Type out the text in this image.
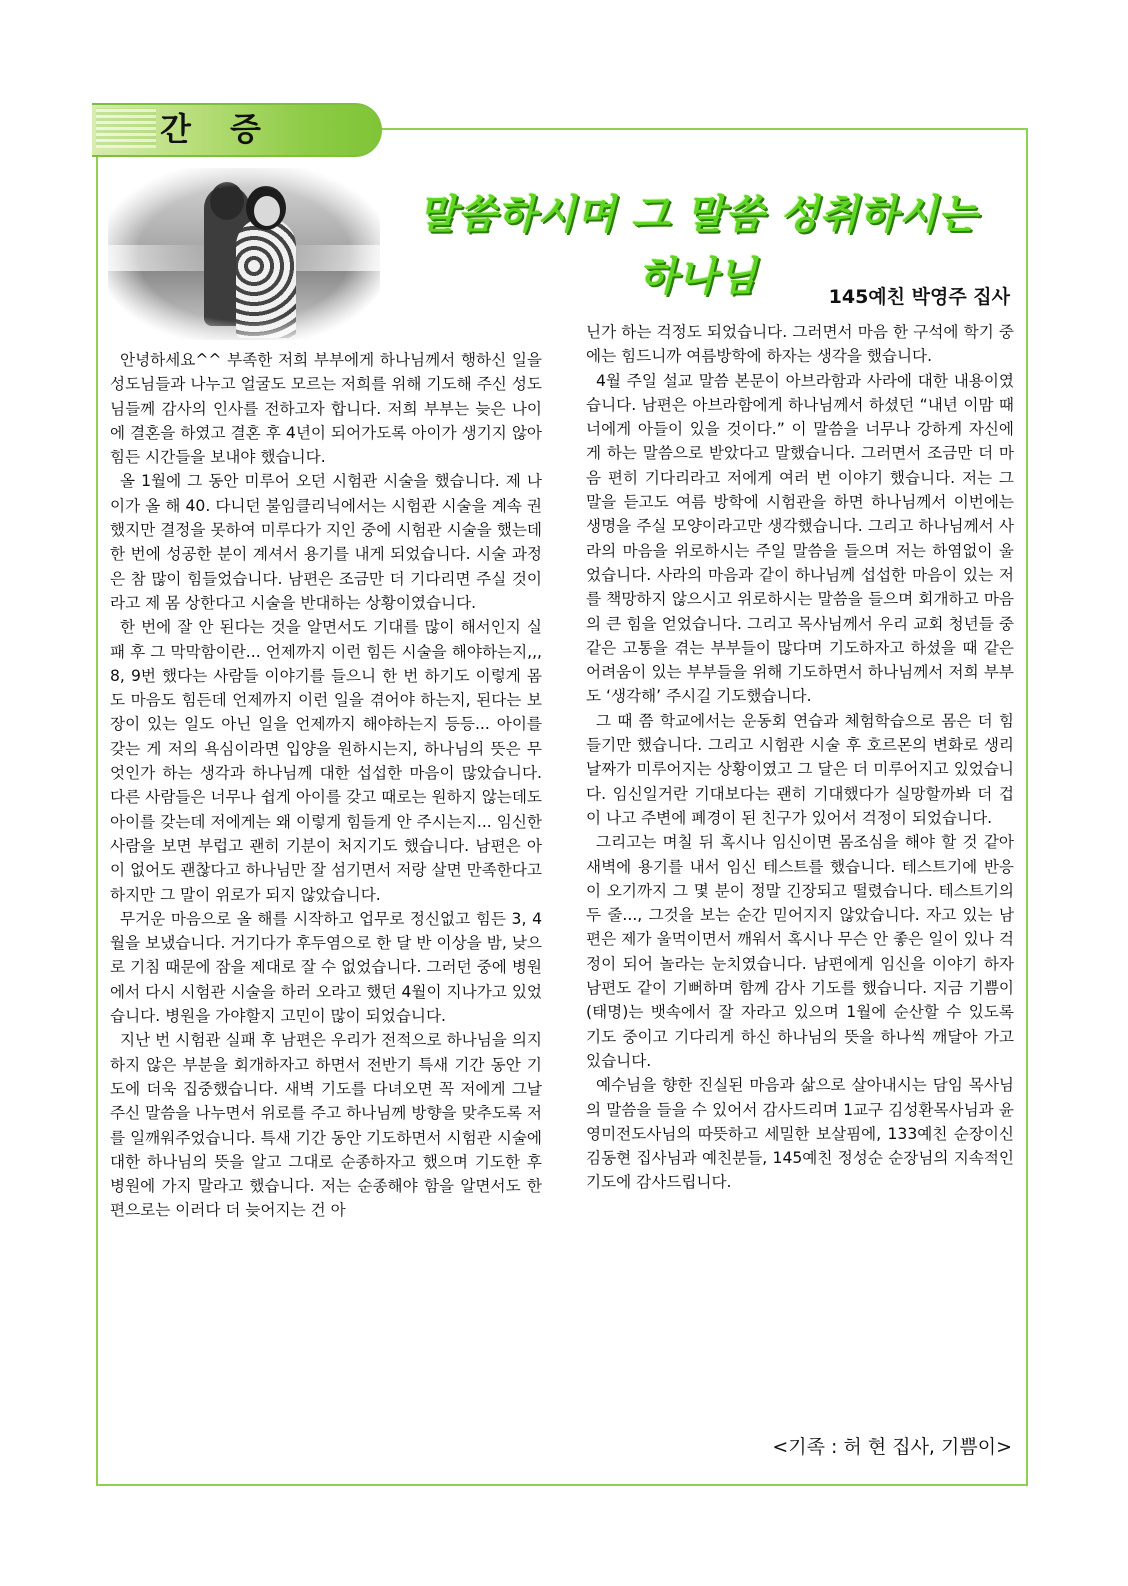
간 증
말씀하시며 그 말씀 성취하시는 하나님	145예친 박영주 집사

안녕하세요^^ 부족한 저희 부부에게 하나님께서 행하신 일을 성도님들과 나누고 얼굴도 모르는 저희를 위해 기도해 주신 성도님들께 감사의 인사를 전하고자 합니다. 저희 부부는 늦은 나이에 결혼을 하였고 결혼 후 4년이 되어가도록 아이가 생기지 않아 힘든 시간들을 보내야 했습니다.

올 1월에 그 동안 미루어 오던 시험관 시술을 했습니다. 제 나이가 올 해 40. 다니던 불임클리닉에서는 시험관 시술을 계속 권했지만 결정을 못하여 미루다가 지인 중에 시험관 시술을 했는데 한 번에 성공한 분이 계셔서 용기를 내게 되었습니다. 시술 과정은 참 많이 힘들었습니다. 남편은 조금만 더 기다리면 주실 것이라고 제 몸 상한다고 시술을 반대하는 상황이였습니다.

한 번에 잘 안 된다는 것을 알면서도 기대를 많이 해서인지 실패 후 그 막막함이란... 언제까지 이런 힘든 시술을 해야하는지,,, 8, 9번 했다는 사람들 이야기를 들으니 한 번 하기도 이렇게 몸도 마음도 힘든데 언제까지 이런 일을 겪어야 하는지, 된다는 보장이 있는 일도 아닌 일을 언제까지 해야하는지 등등... 아이를 갖는 게 저의 욕심이라면 입양을 원하시는지, 하나님의 뜻은 무엇인가 하는 생각과 하나님께 대한 섭섭한 마음이 많았습니다. 다른 사람들은 너무나 쉽게 아이를 갖고 때로는 원하지 않는데도 아이를 갖는데 저에게는 왜 이렇게 힘들게 안 주시는지... 임신한 사람을 보면 부럽고 괜히 기분이 처지기도 했습니다. 남편은 아이 없어도 괜찮다고 하나님만 잘 섬기면서 저랑 살면 만족한다고 하지만 그 말이 위로가 되지 않았습니다.

무거운 마음으로 올 해를 시작하고 업무로 정신없고 힘든 3, 4월을 보냈습니다. 거기다가 후두염으로 한 달 반 이상을 밤, 낮으로 기침 때문에 잠을 제대로 잘 수 없었습니다. 그러던 중에 병원에서 다시 시험관 시술을 하러 오라고 했던 4월이 지나가고 있었습니다. 병원을 가야할지 고민이 많이 되었습니다.

지난 번 시험관 실패 후 남편은 우리가 전적으로 하나님을 의지하지 않은 부분을 회개하자고 하면서 전반기 특새 기간 동안 기도에 더욱 집중했습니다. 새벽 기도를 다녀오면 꼭 저에게 그날 주신 말씀을 나누면서 위로를 주고 하나님께 방향을 맞추도록 저를 일깨워주었습니다. 특새 기간 동안 기도하면서 시험관 시술에 대한 하나님의 뜻을 알고 그대로 순종하자고 했으며 기도한 후 병원에 가지 말라고 했습니다. 저는 순종해야 함을 알면서도 한편으로는 이러다 더 늦어지는 건 아

닌가 하는 걱정도 되었습니다. 그러면서 마음 한 구석에 학기 중에는 힘드니까 여름방학에 하자는 생각을 했습니다.

4월 주일 설교 말씀 본문이 아브라함과 사라에 대한 내용이였습니다. 남편은 아브라함에게 하나님께서 하셨던 “내년 이맘 때 너에게 아들이 있을 것이다.” 이 말씀을 너무나 강하게 자신에게 하는 말씀으로 받았다고 말했습니다. 그러면서 조금만 더 마음 편히 기다리라고 저에게 여러 번 이야기 했습니다. 저는 그 말을 듣고도 여름 방학에 시험관을 하면 하나님께서 이번에는 생명을 주실 모양이라고만 생각했습니다. 그리고 하나님께서 사라의 마음을 위로하시는 주일 말씀을 들으며 저는 하염없이 울었습니다. 사라의 마음과 같이 하나님께 섭섭한 마음이 있는 저를 책망하지 않으시고 위로하시는 말씀을 들으며 회개하고 마음의 큰 힘을 얻었습니다. 그리고 목사님께서 우리 교회 청년들 중 같은 고통을 겪는 부부들이 많다며 기도하자고 하셨을 때 같은 어려움이 있는 부부들을 위해 기도하면서 하나님께서 저희 부부도 ‘생각해’ 주시길 기도했습니다.

그 때 쯤 학교에서는 운동회 연습과 체험학습으로 몸은 더 힘들기만 했습니다. 그리고 시험관 시술 후 호르몬의 변화로 생리 날짜가 미루어지는 상황이였고 그 달은 더 미루어지고 있었습니다. 임신일거란 기대보다는 괜히 기대했다가 실망할까봐 더 겁이 나고 주변에 폐경이 된 친구가 있어서 걱정이 되었습니다.

그리고는 며칠 뒤 혹시나 임신이면 몸조심을 해야 할 것 같아 새벽에 용기를 내서 임신 테스트를 했습니다. 테스트기에 반응이 오기까지 그 몇 분이 정말 긴장되고 떨렸습니다. 테스트기의 두 줄..., 그것을 보는 순간 믿어지지 않았습니다. 자고 있는 남편은 제가 울먹이면서 깨워서 혹시나 무슨 안 좋은 일이 있나 걱정이 되어 놀라는 눈치였습니다. 남편에게 임신을 이야기 하자 남편도 같이 기뻐하며 함께 감사 기도를 했습니다. 지금 기쁨이(태명)는 뱃속에서 잘 자라고 있으며 1월에 순산할 수 있도록 기도 중이고 기다리게 하신 하나님의 뜻을 하나씩 깨달아 가고 있습니다.

예수님을 향한 진실된 마음과 삶으로 살아내시는 담임 목사님의 말씀을 들을 수 있어서 감사드리며 1교구 김성환목사님과 윤영미전도사님의 따뜻하고 세밀한 보살핌에, 133예친 순장이신 김동현 집사님과 예친분들, 145예친 정성순 순장님의 지속적인 기도에 감사드립니다.

<기족 : 허 현 집사, 기쁨이>
